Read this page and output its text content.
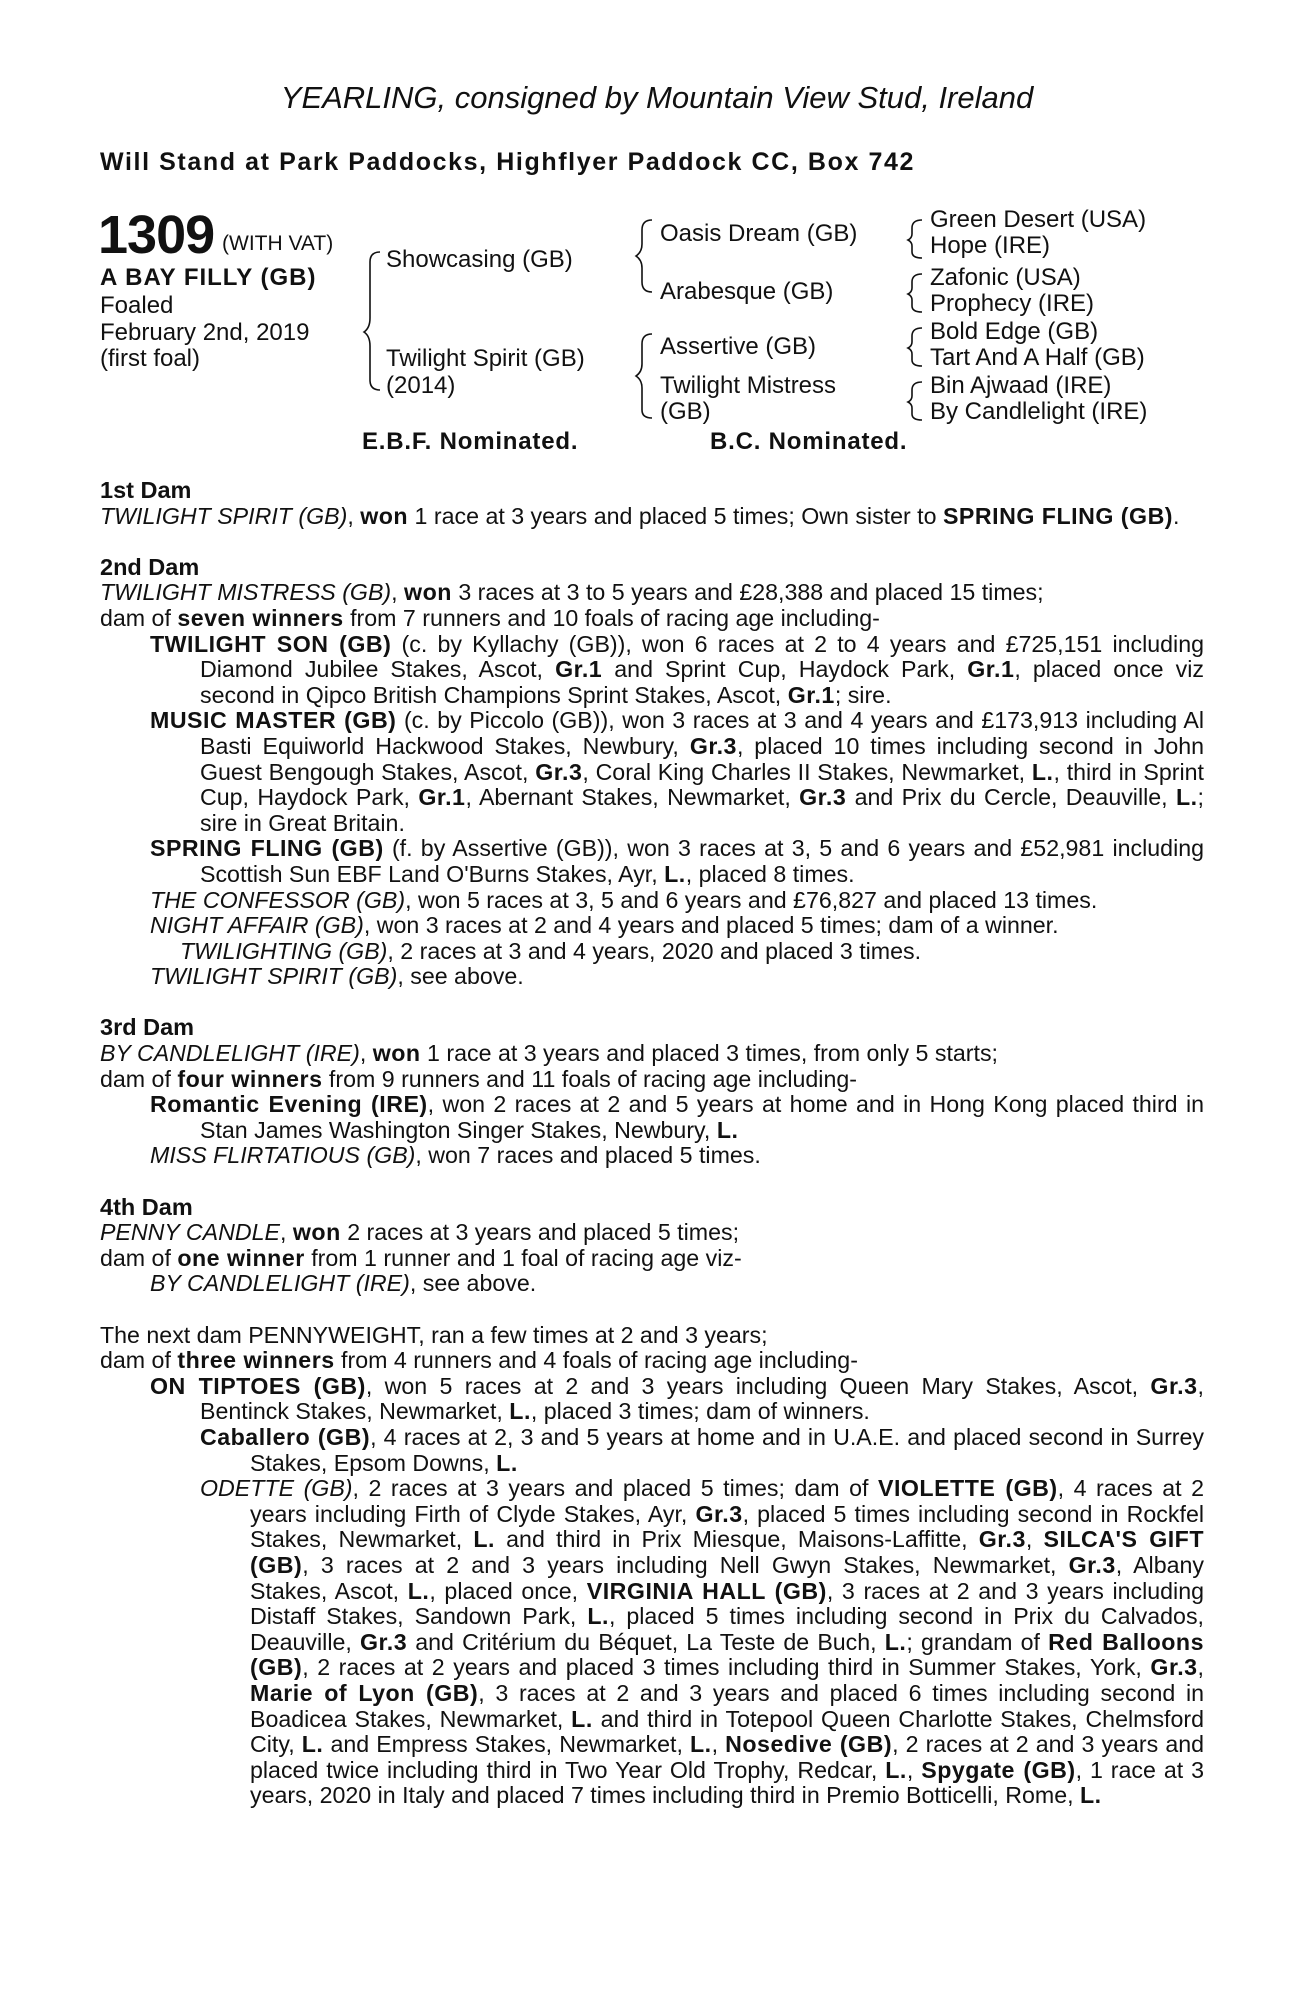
YEARLING, consigned by Mountain View Stud, Ireland
Will Stand at Park Paddocks, Highflyer Paddock CC, Box 742
1309 (WITH VAT)
A BAY FILLY (GB)
Foaled
February 2nd, 2019
(first foal)
Showcasing (GB)
Twilight Spirit (GB)
(2014)
Oasis Dream (GB)
Arabesque (GB)
Assertive (GB)
Twilight Mistress
(GB)
Green Desert (USA)
Hope (IRE)
Zafonic (USA)
Prophecy (IRE)
Bold Edge (GB)
Tart And A Half (GB)
Bin Ajwaad (IRE)
By Candlelight (IRE)
E.B.F. Nominated.	B.C. Nominated.
1st Dam
TWILIGHT SPIRIT (GB), won 1 race at 3 years and placed 5 times; Own sister to SPRING FLING (GB).
2nd Dam
TWILIGHT MISTRESS (GB), won 3 races at 3 to 5 years and £28,388 and placed 15 times;
dam of seven winners from 7 runners and 10 foals of racing age including-
TWILIGHT SON (GB) (c. by Kyllachy (GB)), won 6 races at 2 to 4 years and £725,151 including Diamond Jubilee Stakes, Ascot, Gr.1 and Sprint Cup, Haydock Park, Gr.1, placed once viz second in Qipco British Champions Sprint Stakes, Ascot, Gr.1; sire.
MUSIC MASTER (GB) (c. by Piccolo (GB)), won 3 races at 3 and 4 years and £173,913 including Al Basti Equiworld Hackwood Stakes, Newbury, Gr.3, placed 10 times including second in John Guest Bengough Stakes, Ascot, Gr.3, Coral King Charles II Stakes, Newmarket, L., third in Sprint Cup, Haydock Park, Gr.1, Abernant Stakes, Newmarket, Gr.3 and Prix du Cercle, Deauville, L.; sire in Great Britain.
SPRING FLING (GB) (f. by Assertive (GB)), won 3 races at 3, 5 and 6 years and £52,981 including Scottish Sun EBF Land O'Burns Stakes, Ayr, L., placed 8 times.
THE CONFESSOR (GB), won 5 races at 3, 5 and 6 years and £76,827 and placed 13 times.
NIGHT AFFAIR (GB), won 3 races at 2 and 4 years and placed 5 times; dam of a winner.
TWILIGHTING (GB), 2 races at 3 and 4 years, 2020 and placed 3 times.
TWILIGHT SPIRIT (GB), see above.
3rd Dam
BY CANDLELIGHT (IRE), won 1 race at 3 years and placed 3 times, from only 5 starts;
dam of four winners from 9 runners and 11 foals of racing age including-
Romantic Evening (IRE), won 2 races at 2 and 5 years at home and in Hong Kong placed third in Stan James Washington Singer Stakes, Newbury, L.
MISS FLIRTATIOUS (GB), won 7 races and placed 5 times.
4th Dam
PENNY CANDLE, won 2 races at 3 years and placed 5 times;
dam of one winner from 1 runner and 1 foal of racing age viz-
BY CANDLELIGHT (IRE), see above.
The next dam PENNYWEIGHT, ran a few times at 2 and 3 years;
dam of three winners from 4 runners and 4 foals of racing age including-
ON TIPTOES (GB), won 5 races at 2 and 3 years including Queen Mary Stakes, Ascot, Gr.3, Bentinck Stakes, Newmarket, L., placed 3 times; dam of winners.
Caballero (GB), 4 races at 2, 3 and 5 years at home and in U.A.E. and placed second in Surrey Stakes, Epsom Downs, L.
ODETTE (GB), 2 races at 3 years and placed 5 times; dam of VIOLETTE (GB), 4 races at 2 years including Firth of Clyde Stakes, Ayr, Gr.3, placed 5 times including second in Rockfel Stakes, Newmarket, L. and third in Prix Miesque, Maisons-Laffitte, Gr.3, SILCA'S GIFT (GB), 3 races at 2 and 3 years including Nell Gwyn Stakes, Newmarket, Gr.3, Albany Stakes, Ascot, L., placed once, VIRGINIA HALL (GB), 3 races at 2 and 3 years including Distaff Stakes, Sandown Park, L., placed 5 times including second in Prix du Calvados, Deauville, Gr.3 and Critérium du Béquet, La Teste de Buch, L.; grandam of Red Balloons (GB), 2 races at 2 years and placed 3 times including third in Summer Stakes, York, Gr.3, Marie of Lyon (GB), 3 races at 2 and 3 years and placed 6 times including second in Boadicea Stakes, Newmarket, L. and third in Totepool Queen Charlotte Stakes, Chelmsford City, L. and Empress Stakes, Newmarket, L., Nosedive (GB), 2 races at 2 and 3 years and placed twice including third in Two Year Old Trophy, Redcar, L., Spygate (GB), 1 race at 3 years, 2020 in Italy and placed 7 times including third in Premio Botticelli, Rome, L.
